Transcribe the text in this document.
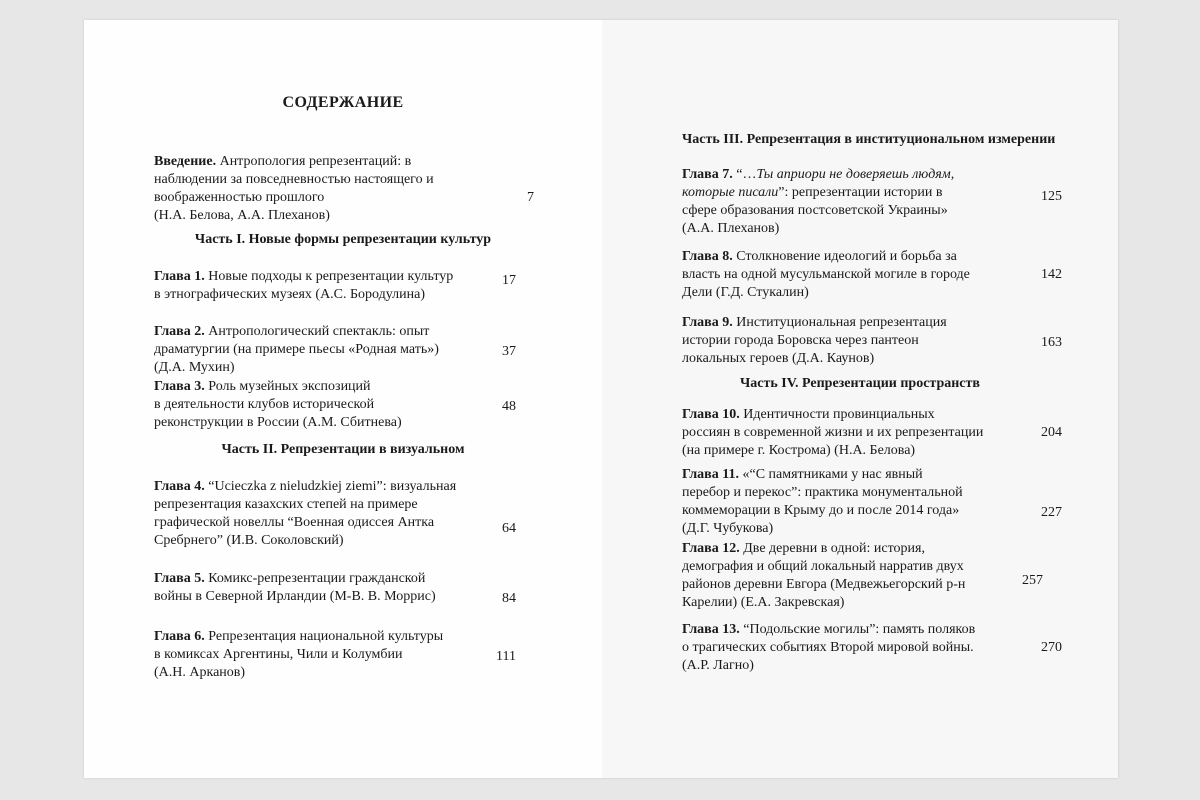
СОДЕРЖАНИЕ
Введение. Антропология репрезентаций: в
наблюдении за повседневностью настоящего и
воображенностью прошлого
(Н.А. Белова, А.А. Плеханов)
7
Часть I. Новые формы репрезентации культур
Глава 1. Новые подходы к репрезентации культур
в этнографических музеях (А.С. Бородулина)
17
Глава 2. Антропологический спектакль: опыт
драматургии (на примере пьесы «Родная мать»)
(Д.А. Мухин)
37
Глава 3. Роль музейных экспозиций
в деятельности клубов исторической
реконструкции в России (А.М. Сбитнева)
48
Часть II. Репрезентации в визуальном
Глава 4. “Ucieczka z nieludzkiej ziemi”: визуальная
репрезентация казахских степей на примере
графической новеллы “Военная одиссея Антка
Сребрнего” (И.В. Соколовский)
64
Глава 5. Комикс-репрезентации гражданской
войны в Северной Ирландии (М-В. В. Моррис)	84
Глава 6. Репрезентация национальной культуры
в комиксах Аргентины, Чили и Колумбии
(А.Н. Арканов)
111
Часть III. Репрезентация в институциональном измерении
Глава 7. “…Ты априори не доверяешь людям,
которые писали”: репрезентации истории в
сфере образования постсоветской Украины»
(А.А. Плеханов)
125
Глава 8. Столкновение идеологий и борьба за
власть на одной мусульманской могиле в городе
Дели (Г.Д. Стукалин)
142
Глава 9. Институциональная репрезентация
истории города Боровска через пантеон
локальных героев (Д.А. Каунов)
163
Часть IV. Репрезентации пространств
Глава 10. Идентичности провинциальных
россиян в современной жизни и их репрезентации
(на примере г. Кострома) (Н.А. Белова)
204
Глава 11. «“С памятниками у нас явный
перебор и перекос”: практика монументальной
коммеморации в Крыму до и после 2014 года»
(Д.Г. Чубукова)
227
Глава 12. Две деревни в одной: история,
демография и общий локальный нарратив двух
районов деревни Евгора (Медвежьегорский р-н
Карелии) (Е.А. Закревская)
257
Глава 13. “Подольские могилы”: память поляков
о трагических событиях Второй мировой войны.
(А.Р. Лагно)
270
